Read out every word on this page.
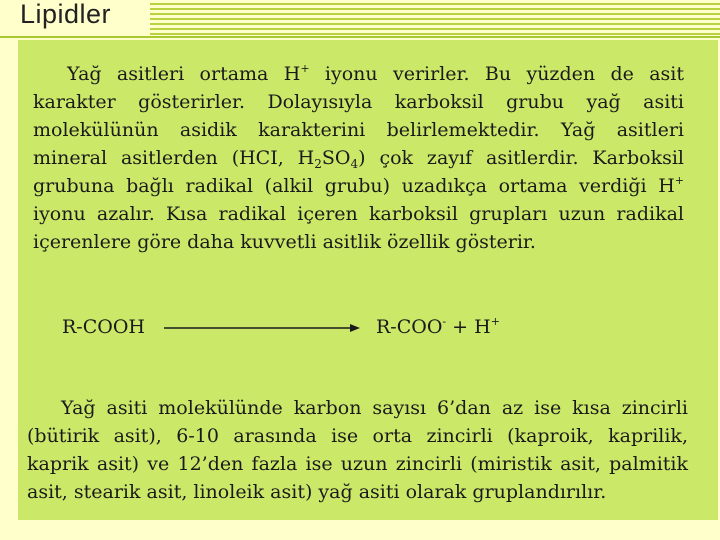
Lipidler

Yağ asitleri ortama H+ iyonu verirler. Bu yüzden de asit karakter gösterirler. Dolayısıyla karboksil grubu yağ asiti molekülünün asidik karakterini belirlemektedir. Yağ asitleri mineral asitlerden (HCI, $H_2SO_4$) çok zayıf asitlerdir. Karboksil grubuna bağlı radikal (alkil grubu) uzadıkça ortama verdiği H+ iyonu azalır. Kısa radikal içeren karboksil grupları uzun radikal içerenlere göre daha kuvvetli asitlik özellik gösterir.

R-COOH	R-COO- + H+

Yağ asiti molekülünde karbon sayısı 6’dan az ise kısa zincirli (bütirik asit), 6-10 arasında ise orta zincirli (kaproik, kaprilik, kaprik asit) ve 12’den fazla ise uzun zincirli (miristik asit, palmitik asit, stearik asit, linoleik asit) yağ asiti olarak gruplandırılır.
